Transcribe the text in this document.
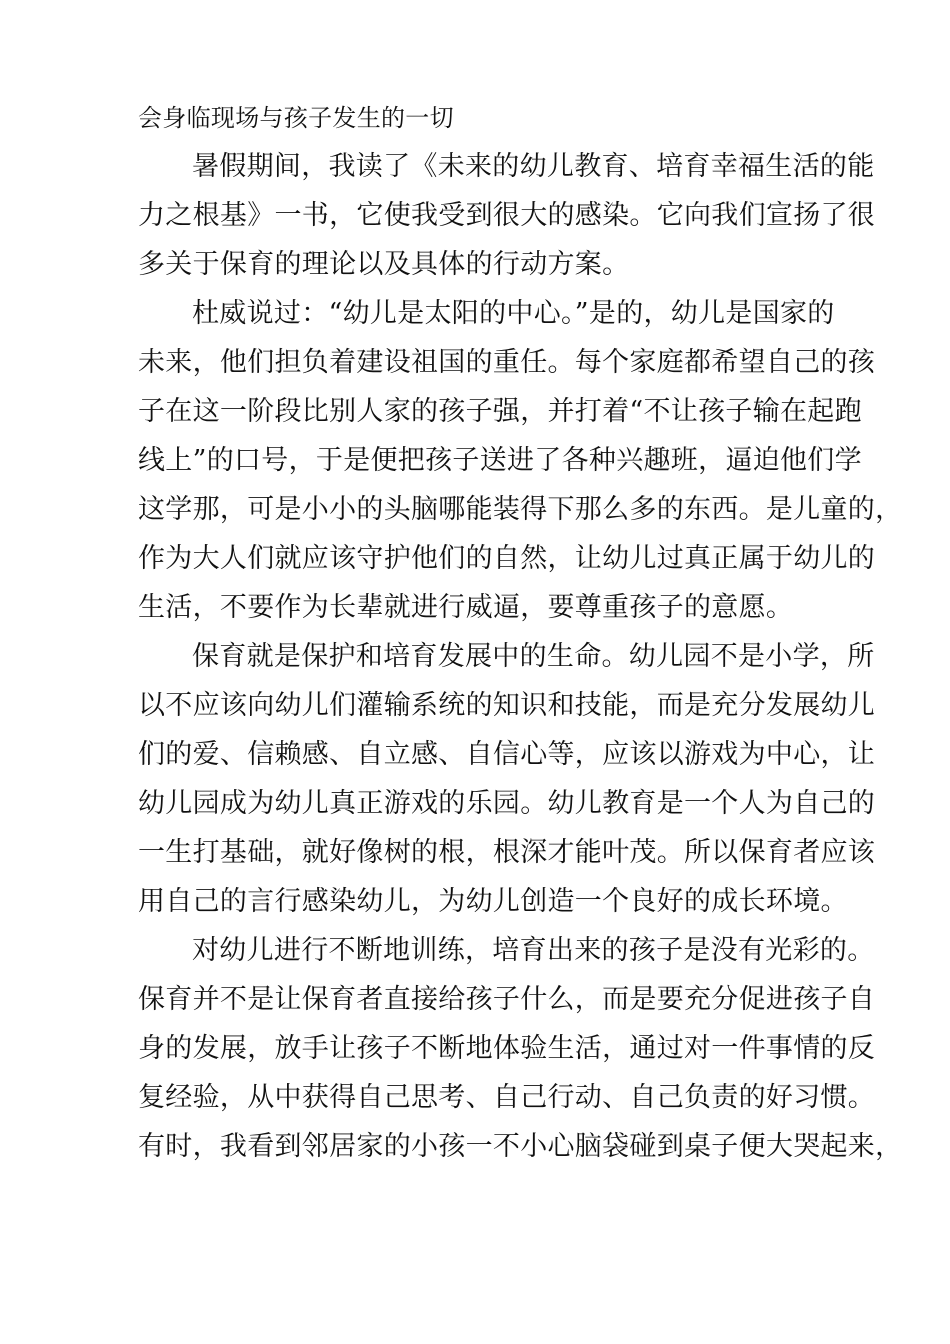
会身临现场与孩子发生的一切
暑假期间，我读了《未来的幼儿教育、培育幸福生活的能
力之根基》一书，它使我受到很大的感染。它向我们宣扬了很
多关于保育的理论以及具体的行动方案。
杜威说过：“幼儿是太阳的中心。”是的，幼儿是国家的
未来，他们担负着建设祖国的重任。每个家庭都希望自己的孩
子在这一阶段比别人家的孩子强，并打着“不让孩子输在起跑
线上”的口号，于是便把孩子送进了各种兴趣班，逼迫他们学
这学那，可是小小的头脑哪能装得下那么多的东西。是儿童的，
作为大人们就应该守护他们的自然，让幼儿过真正属于幼儿的
生活，不要作为长辈就进行威逼，要尊重孩子的意愿。
保育就是保护和培育发展中的生命。幼儿园不是小学，所
以不应该向幼儿们灌输系统的知识和技能，而是充分发展幼儿
们的爱、信赖感、自立感、自信心等，应该以游戏为中心，让
幼儿园成为幼儿真正游戏的乐园。幼儿教育是一个人为自己的
一生打基础，就好像树的根，根深才能叶茂。所以保育者应该
用自己的言行感染幼儿，为幼儿创造一个良好的成长环境。
对幼儿进行不断地训练，培育出来的孩子是没有光彩的。
保育并不是让保育者直接给孩子什么，而是要充分促进孩子自
身的发展，放手让孩子不断地体验生活，通过对一件事情的反
复经验，从中获得自己思考、自己行动、自己负责的好习惯。
有时，我看到邻居家的小孩一不小心脑袋碰到桌子便大哭起来，
